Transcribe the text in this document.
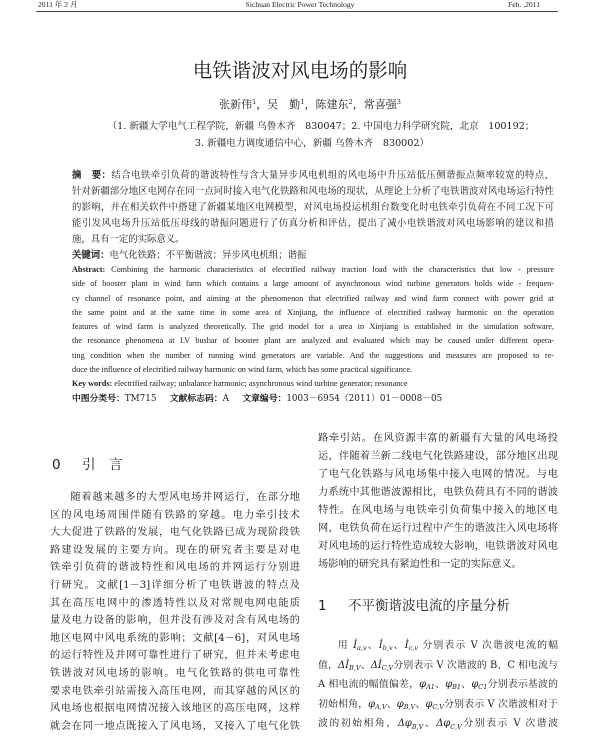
2011 年 2 月	Sichuan Electric Power Technology	Feb. ,2011
电铁谐波对风电场的影响
张新伟$^1$，吴　勤$^1$，陈建东$^2$，常喜强$^3$
（1. 新疆大学电气工程学院，新疆 乌鲁木齐　830047；2. 中国电力科学研究院，北京　100192；
3. 新疆电力调度通信中心，新疆 乌鲁木齐　830002）
摘　要：结合电铁牵引负荷的谐波特性与含大量异步风电机组的风电场中升压站低压侧谐振点频率较宽的特点，
针对新疆部分地区电网存在同一点同时接入电气化铁路和风电场的现状，从理论上分析了电铁谐波对风电场运行特性
的影响，并在相关软件中搭建了新疆某地区电网模型，对风电场投运机组台数变化时电铁牵引负荷在不同工况下可
能引发风电场升压站低压母线的谐振问题进行了仿真分析和评估，提出了减小电铁谐波对风电场影响的建议和措
施，具有一定的实际意义。
关键词：电气化铁路；不平衡谐波；异步风电机组；谐振
Abstract: Combining the harmonic characteristics of electrified railway traction load with the characteristics that low - pressure
side of booster plant in wind farm which contains a large amount of asynchronous wind turbine generators holds wide - frequen-
cy channel of resonance point, and aiming at the phenomenon that electrified railway and wind farm connect with power grid at
the same point and at the same time in some area of Xinjiang, the influence of electrified railway harmonic on the operation
features of wind farm is analyzed theoretically. The grid model for a area in Xinjiang is established in the simulation software,
the resonance phenomena at LV busbar of booster plant are analyzed and evaluated which may be caused under different opera-
ting condition when the number of running wind generators are variable. And the suggestions and measures are proposed to re-
duce the influence of electrified railway harmonic on wind farm, which has some practical significance.
Key words: electrified railway; unbalance harmonic; asynchronous wind turbine generator; resonance
中图分类号：TM715 文献标志码：A 文章编号：1003－6954（2011）01－0008－05
0 引　言
随着越来越多的大型风电场并网运行，在部分地
区的风电场周围伴随有铁路的穿越。电力牵引技术
大大促进了铁路的发展，电气化铁路已成为现阶段铁
路建设发展的主要方向。现在的研究者主要是对电
铁牵引负荷的谐波特性和风电场的并网运行分别进
行研究。文献[1－3]详细分析了电铁谐波的特点及
其在高压电网中的渗透特性以及对常规电网电能质
量及电力设备的影响，但并没有涉及对含有风电场的
地区电网中风电系统的影响；文献[4－6]，对风电场
的运行特性及并网可靠性进行了研究，但并未考虑电
铁谐波对风电场的影响。电气化铁路的供电可靠性
要求电铁牵引站需接入高压电网，而其穿越的风区的
风电场也根据电网情况接入该地区的高压电网，这样
就会在同一地点既接入了风电场，又接入了电气化铁
路牵引站。在风资源丰富的新疆有大量的风电场投
运，伴随着兰新二线电气化铁路建设，部分地区出现
了电气化铁路与风电场集中接入电网的情况。与电
力系统中其他谐波源相比，电铁负荷具有不同的谐波
特性。在风电场与电铁牵引负荷集中接入的地区电
网，电铁负荷在运行过程中产生的谐波注入风电场将
对风电场的运行特性造成较大影响，电铁谐波对风电
场影响的研究具有紧迫性和一定的实际意义。
1 不平衡谐波电流的序量分析
用 $İ_{a,v}$、$İ_{b,v}$、$İ_{c,v}$ 分别表示 V 次谐波电流的幅
值，$\Delta İ_{B,V}$、$\Delta İ_{C,V}$分别表示 V 次谐波的 B、C 相电流与
A 相电流的幅值偏差，$\varphi_{A1}$、$\varphi_{B1}$、$\varphi_{C1}$分别表示基波的
初始相角，$\varphi_{A,V}$、$\varphi_{B,V}$、$\varphi_{C,V}$分别表示 V 次谐波相对于
波的初始相角，$\Delta\varphi_{B,V}$、$\Delta\varphi_{C,V}$分别表示 V 次谐波
